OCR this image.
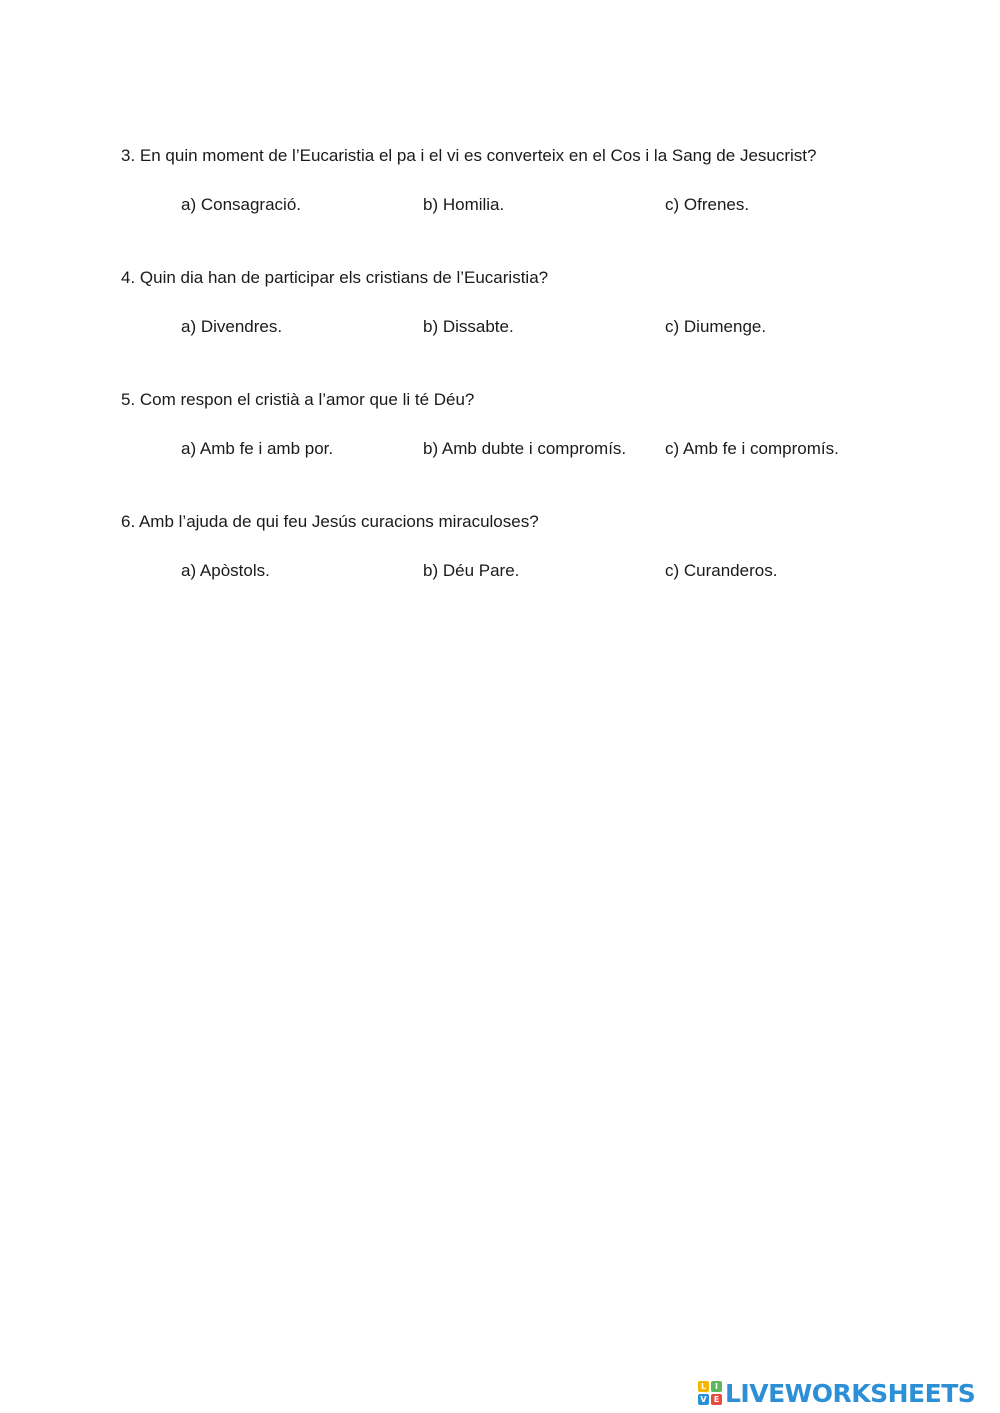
3. En quin moment de l’Eucaristia el pa i el vi es converteix en el Cos i la Sang de Jesucrist?
a) Consagració.	b) Homilia.	c) Ofrenes.
4. Quin dia han de participar els cristians de l’Eucaristia?
a) Divendres.	b) Dissabte.	c) Diumenge.
5. Com respon el cristià a l’amor que li té Déu?
a) Amb fe i amb por.	b) Amb dubte i compromís. c) Amb fe i compromís.
6. Amb l’ajuda de qui feu Jesús curacions miraculoses?
a) Apòstols.	b) Déu Pare.	c) Curanderos.
L	I
V E LIVEWORKSHEETS
